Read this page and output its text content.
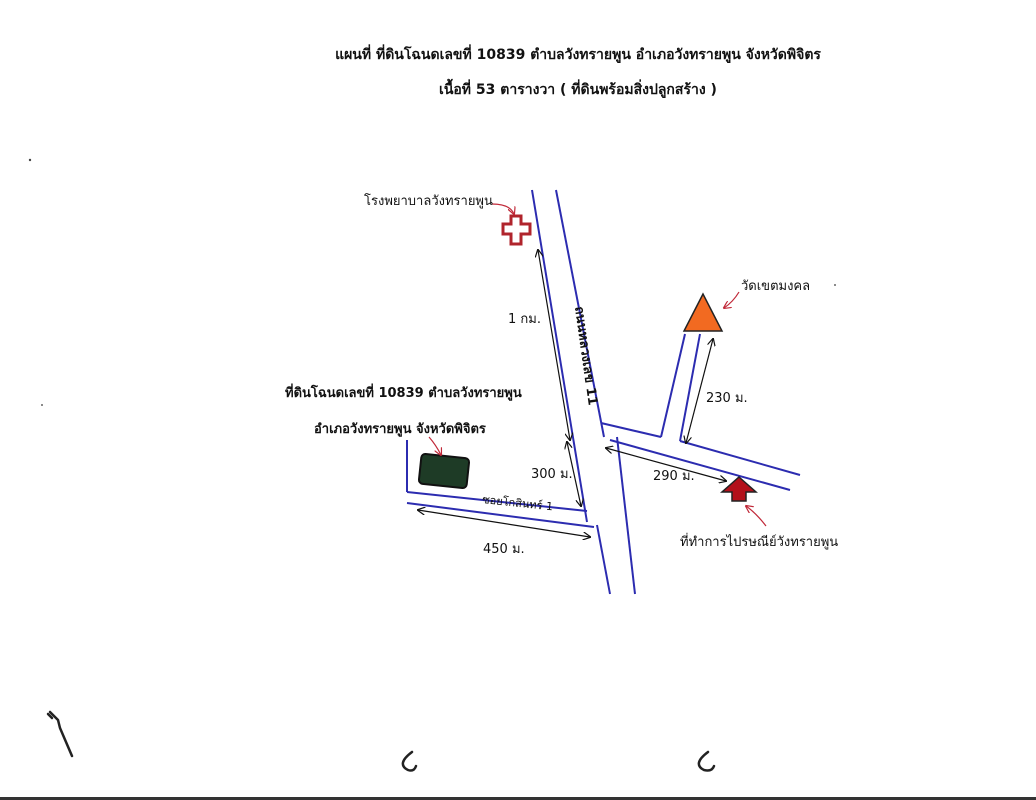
แผนที่ ที่ดินโฉนดเลขที่ 10839 ตำบลวังทรายพูน อำเภอวังทรายพูน จังหวัดพิจิตร
เนื้อที่ 53 ตารางวา ( ที่ดินพร้อมสิ่งปลูกสร้าง )
ถนนหลวงเลข 11
ซอยโกสินทร์ 1
โรงพยาบาลวังทรายพูน
วัดเขตมงคล
ที่ทำการไปรษณีย์วังทรายพูน
ที่ดินโฉนดเลขที่ 10839 ตำบลวังทรายพูน
อำเภอวังทรายพูน จังหวัดพิจิตร
1 กม.
300 ม.
450 ม.
290 ม.
230 ม.
